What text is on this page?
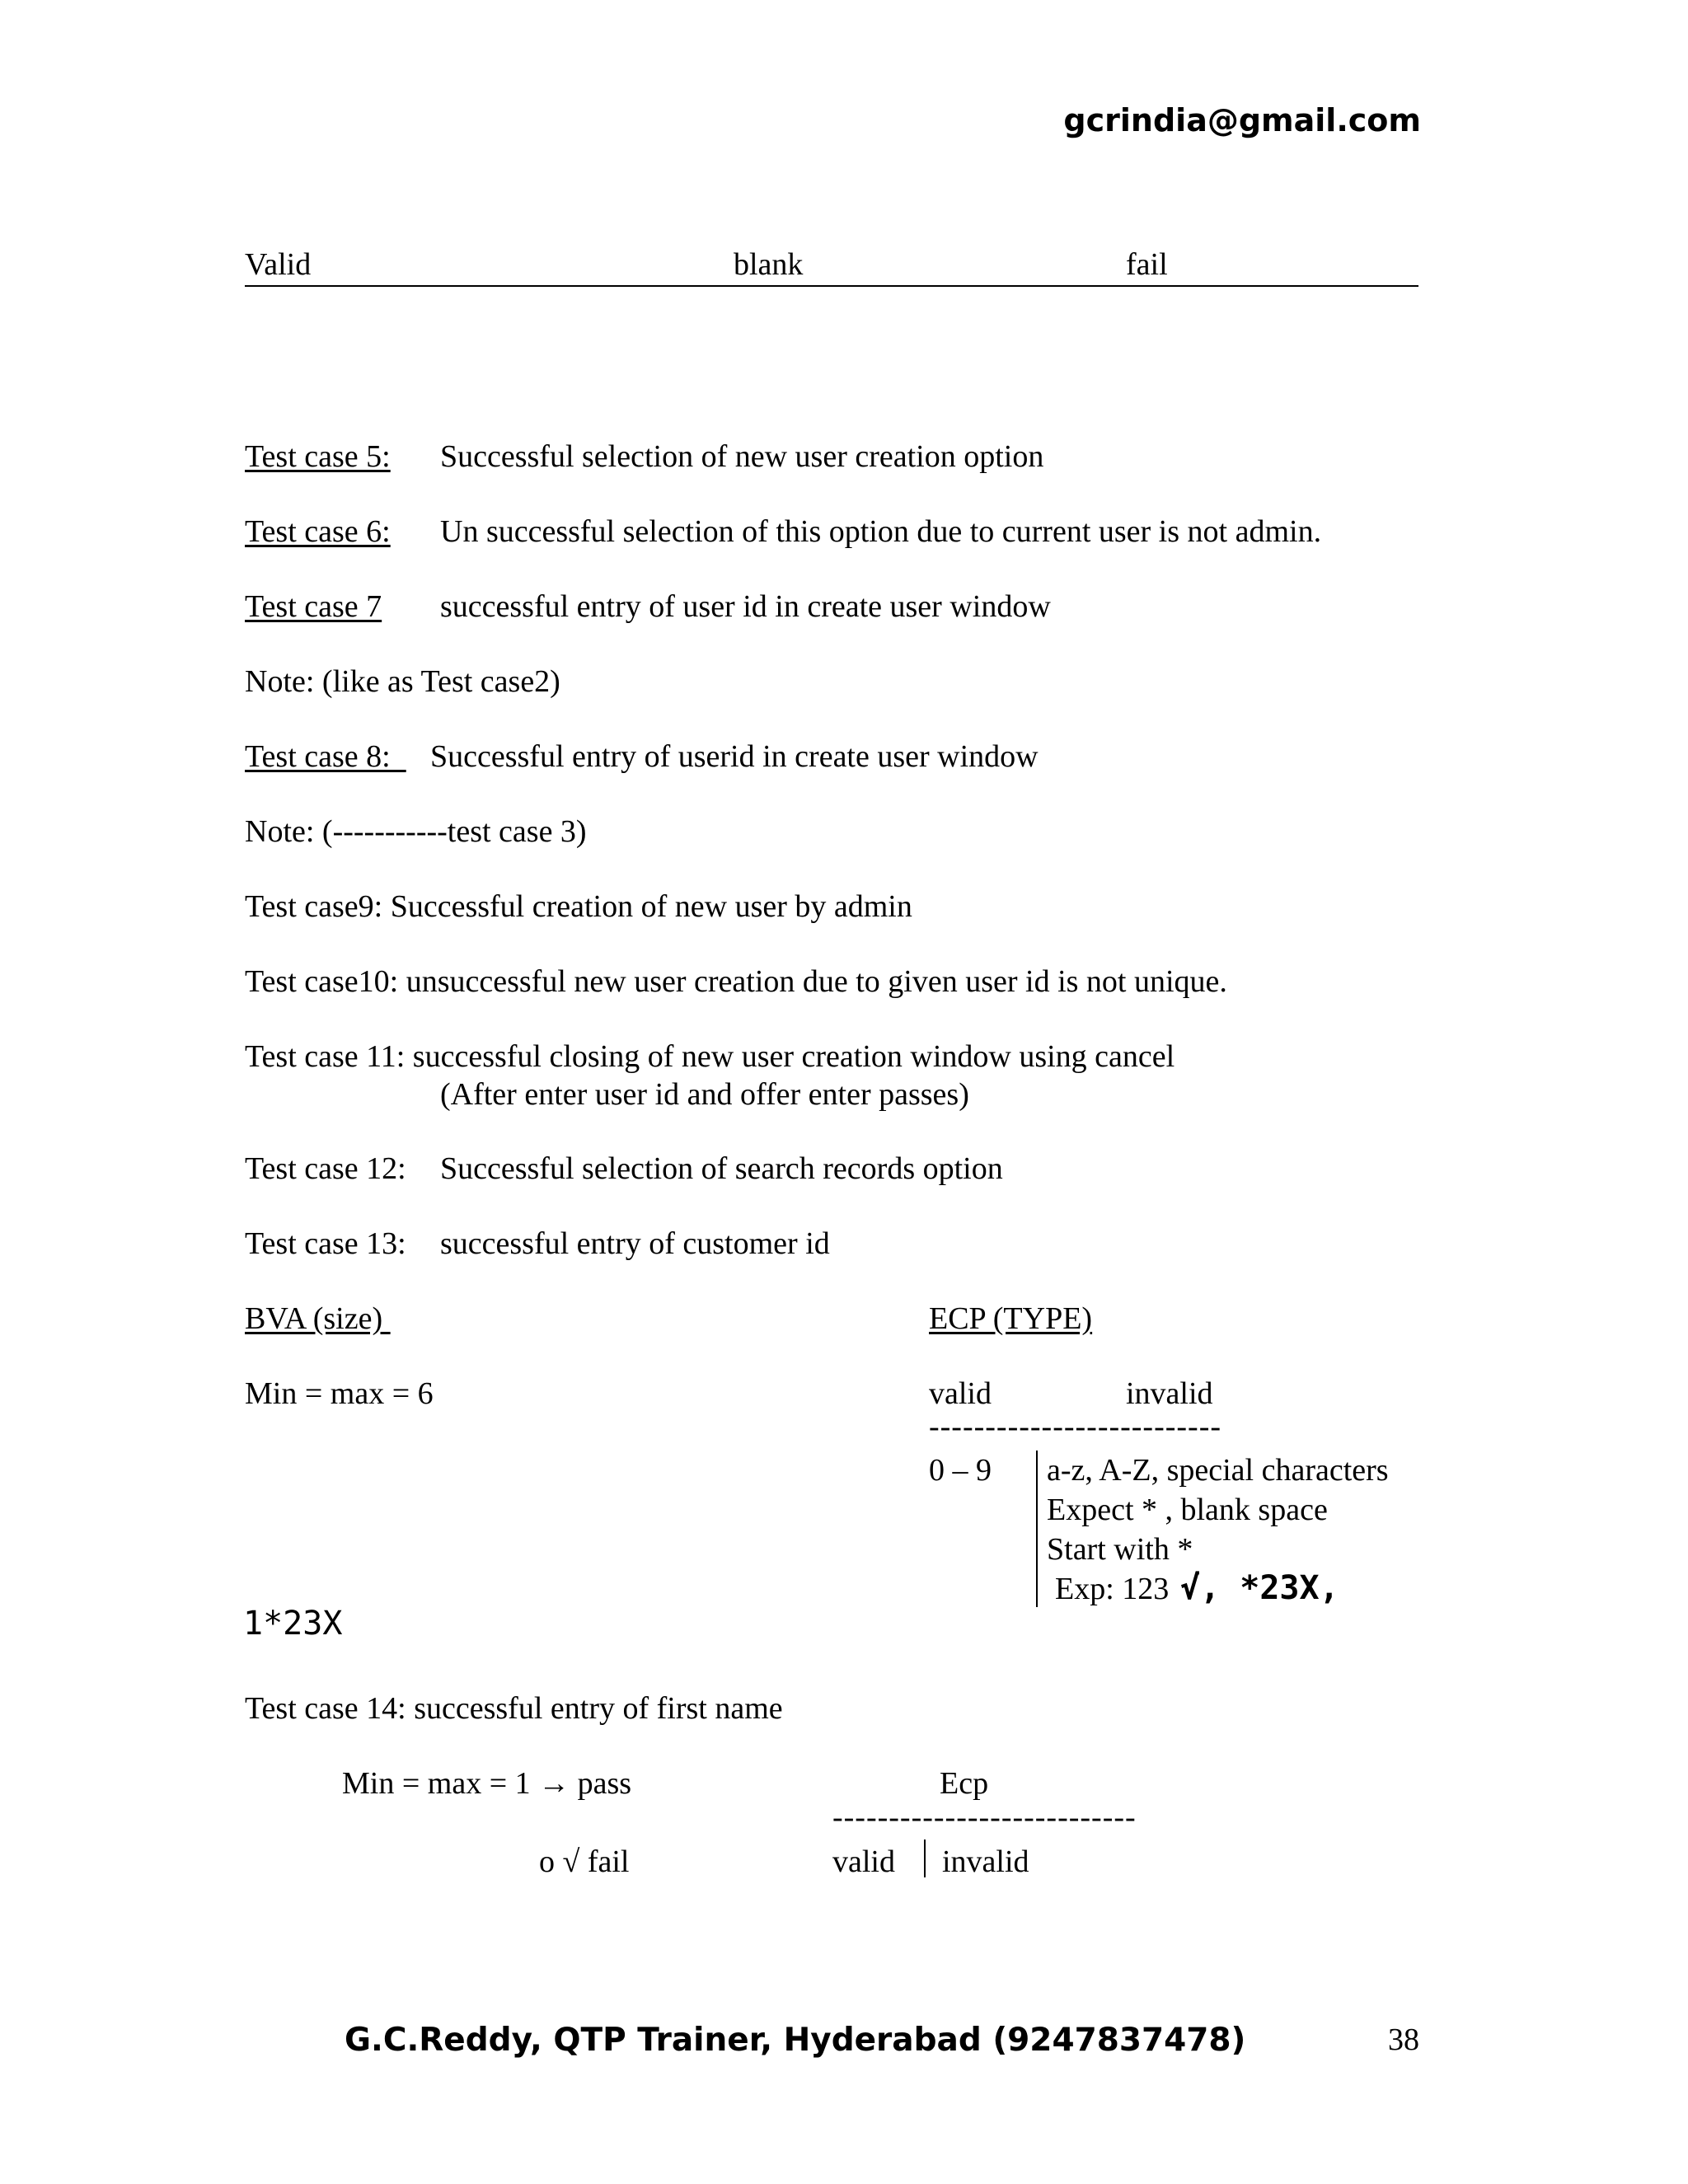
gcrindia@gmail.com
Valid	blank	fail
Test case 5: Successful selection of new user creation option
Test case 6: Un successful selection of this option due to current user is not admin.
Test case 7 successful entry of user id in create user window
Note: (like as Test case2)
Test case 8: Successful entry of userid in create user window
Note: (-----------test case 3)
Test case9: Successful creation of new user by admin
Test case10: unsuccessful new user creation due to given user id is not unique.
Test case 11: successful closing of new user creation window using cancel
(After enter user id and offer enter passes)
Test case 12: Successful selection of search records option
Test case 13: successful entry of customer id
BVA (size)	ECP (TYPE)
Min = max = 6	valid	invalid
--------------------------
0 – 9 a-z, A-Z, special characters
Expect * , blank space
Start with *
Exp: 123 √, *23X,
1*23X
Test case 14: successful entry of first name
Min = max = 1 → pass	Ecp
---------------------------
o √ fail	valid invalid
G.C.Reddy, QTP Trainer, Hyderabad (9247837478)	38
